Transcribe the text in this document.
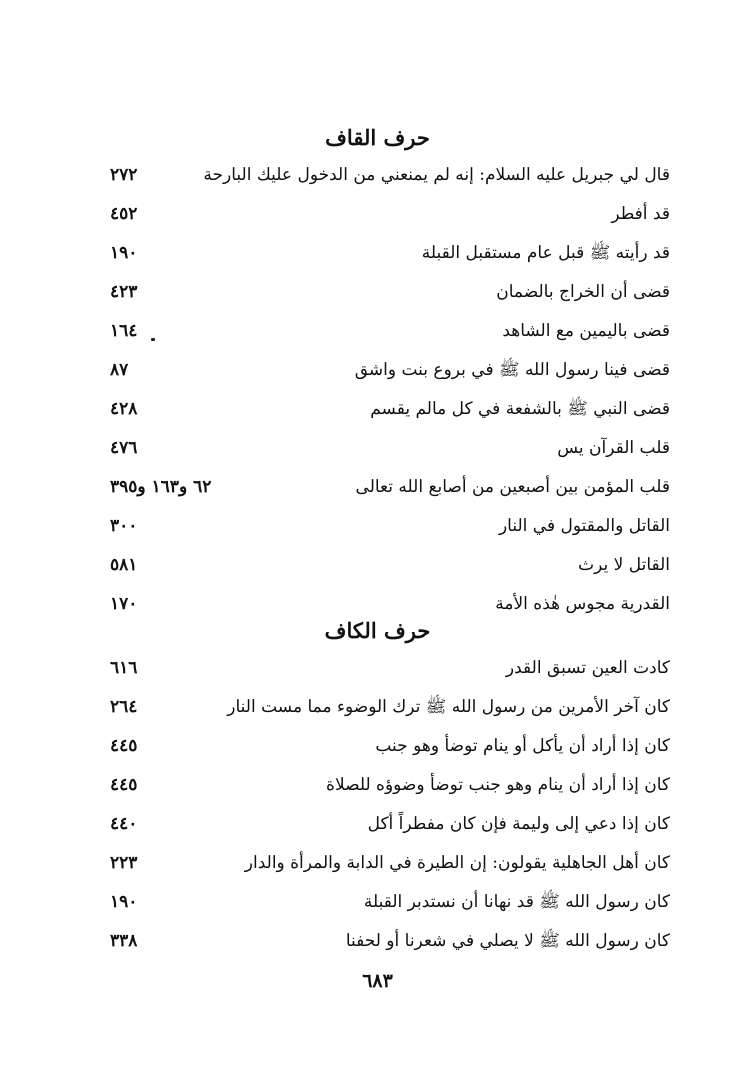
حرف القاف
قال لي جبريل عليه السلام: إنه لم يمنعني من الدخول عليك البارحة
٢٧٢
قد أفطر
٤٥٢
قد رأيته ﷺ قبل عام مستقبل القبلة
١٩٠
قضى أن الخراج بالضمان
٤٢٣
قضى باليمين مع الشاهد
١٦٤
قضى فينا رسول الله ﷺ في بروع بنت واشق
٨٧
قضى النبي ﷺ بالشفعة في كل مالم يقسم
٤٢٨
قلب القرآن يس
٤٧٦
قلب المؤمن بين أصبعين من أصابع الله تعالى
٦٢ و١٦٣ و٣٩٥
القاتل والمقتول في النار
٣٠٠
القاتل لا يرث
٥٨١
القدرية مجوس هٰذه الأمة
١٧٠
حرف الكاف
كادت العين تسبق القدر
٦١٦
كان آخر الأمرين من رسول الله ﷺ ترك الوضوء مما مست النار
٢٦٤
كان إذا أراد أن يأكل أو ينام توضأ وهو جنب
٤٤٥
كان إذا أراد أن ينام وهو جنب توضأ وضوؤه للصلاة
٤٤٥
كان إذا دعي إلى وليمة فإن كان مفطراً أكل
٤٤٠
كان أهل الجاهلية يقولون: إن الطيرة في الدابة والمرأة والدار
٢٢٣
كان رسول الله ﷺ قد نهانا أن نستدبر القبلة
١٩٠
كان رسول الله ﷺ لا يصلي في شعرنا أو لحفنا
٣٣٨
٦٨٣
